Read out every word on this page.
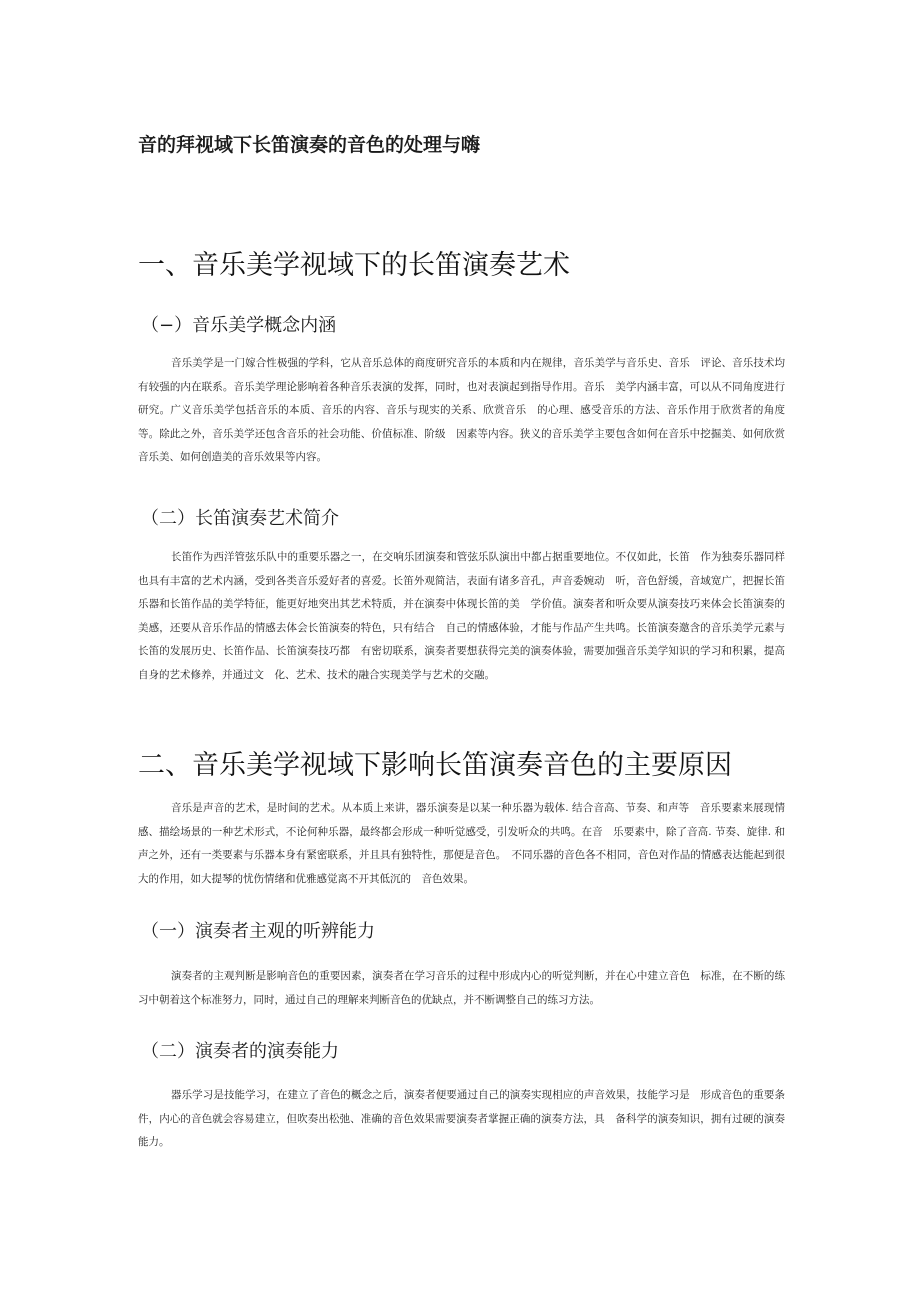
音的拜视域下长笛演奏的音色的处理与嗨
一、音乐美学视域下的长笛演奏艺术
（−）音乐美学概念内涵

音乐美学是一门嫁合性极强的学科，它从音乐总体的商度研究音乐的本质和内在规律，音乐美学与音乐史、音乐　评论、音乐技术均有较强的内在联系。音乐美学理论影响着各种音乐表演的发挥，同时，也对表演起到指导作用。音乐　美学内涵丰富，可以从不同角度进行研究。广义音乐美学包括音乐的本质、音乐的内容、音乐与现实的关系、欣赏音乐　的心理、感受音乐的方法、音乐作用于欣赏者的角度等。除此之外，音乐美学还包含音乐的社会功能、价值标准、阶级　因素等内容。狭义的音乐美学主要包含如何在音乐中挖掘美、如何欣赏音乐美、如何创造美的音乐效果等内容。

（二）长笛演奏艺术简介

长笛作为西洋管弦乐队中的重要乐器之一，在交响乐团演奏和管弦乐队演出中都占据重要地位。不仅如此，长笛　作为独奏乐器同样也具有丰富的艺术内涵，受到各类音乐爱好者的喜爱。长笛外观简洁，表面有诸多音孔，声音委婉动　听，音色舒缓，音域宽广，把握长笛乐器和长笛作品的美学特征，能更好地突出其艺术特质，并在演奏中体现长笛的美　学价值。演奏者和听众要从演奏技巧来体会长笛演奏的美感，还要从音乐作品的情感去体会长笛演奏的特色，只有结合　自己的情感体验，才能与作品产生共鸣。长笛演奏邀含的音乐美学元素与长笛的发展历史、长笛作品、长笛演奏技巧都　有密切联系，演奏者要想获得完美的演奏体验，需要加强音乐美学知识的学习和积累，提高自身的艺术修养，并通过文　化、艺术、技术的融合实现美学与艺术的交融。

二、音乐美学视域下影响长笛演奏音色的主要原因

音乐是声音的艺术，是时间的艺术。从本质上来讲，器乐演奏是以某一种乐器为载体. 结合音高、节奏、和声等　音乐要素来展现情感、描绘场景的一种艺术形式，不论何种乐器，最终都会形成一种听觉感受，引发听众的共鸣。在音　乐要素中，除了音高. 节奏、旋律. 和声之外，还有一类要素与乐器本身有紧密联系，并且具有独特性，那便是音色。　不同乐器的音色各不相同，音色对作品的情感表达能起到很大的作用，如大提琴的忧伤情绪和优雅感觉离不开其低沉的　音色效果。

（一）演奏者主观的听辨能力

演奏者的主观判断是影响音色的重要因素，演奏者在学习音乐的过程中形成内心的听觉判断，并在心中建立音色　标准，在不断的练习中朝着这个标准努力，同时，通过自己的理解来判断音色的优缺点，并不断调整自己的练习方法。

（二）演奏者的演奏能力

器乐学习是技能学习，在建立了音色的概念之后，演奏者便要通过自己的演奏实现相应的声音效果，技能学习是　形成音色的重要条件，内心的音色就会容易建立，但吹奏出松弛、准确的音色效果需要演奏者掌握正确的演奏方法，具　备科学的演奏知识，拥有过硬的演奏能力。
